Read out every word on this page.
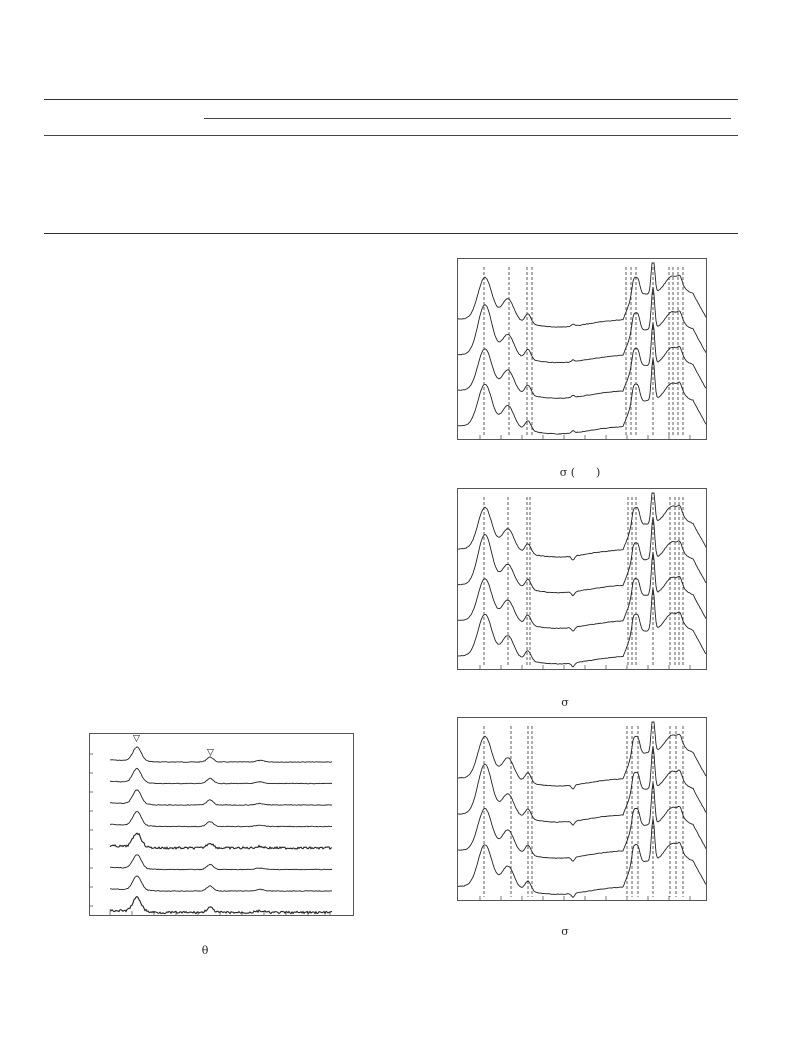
▽
▽
θ
σ (      )
σ
σ
